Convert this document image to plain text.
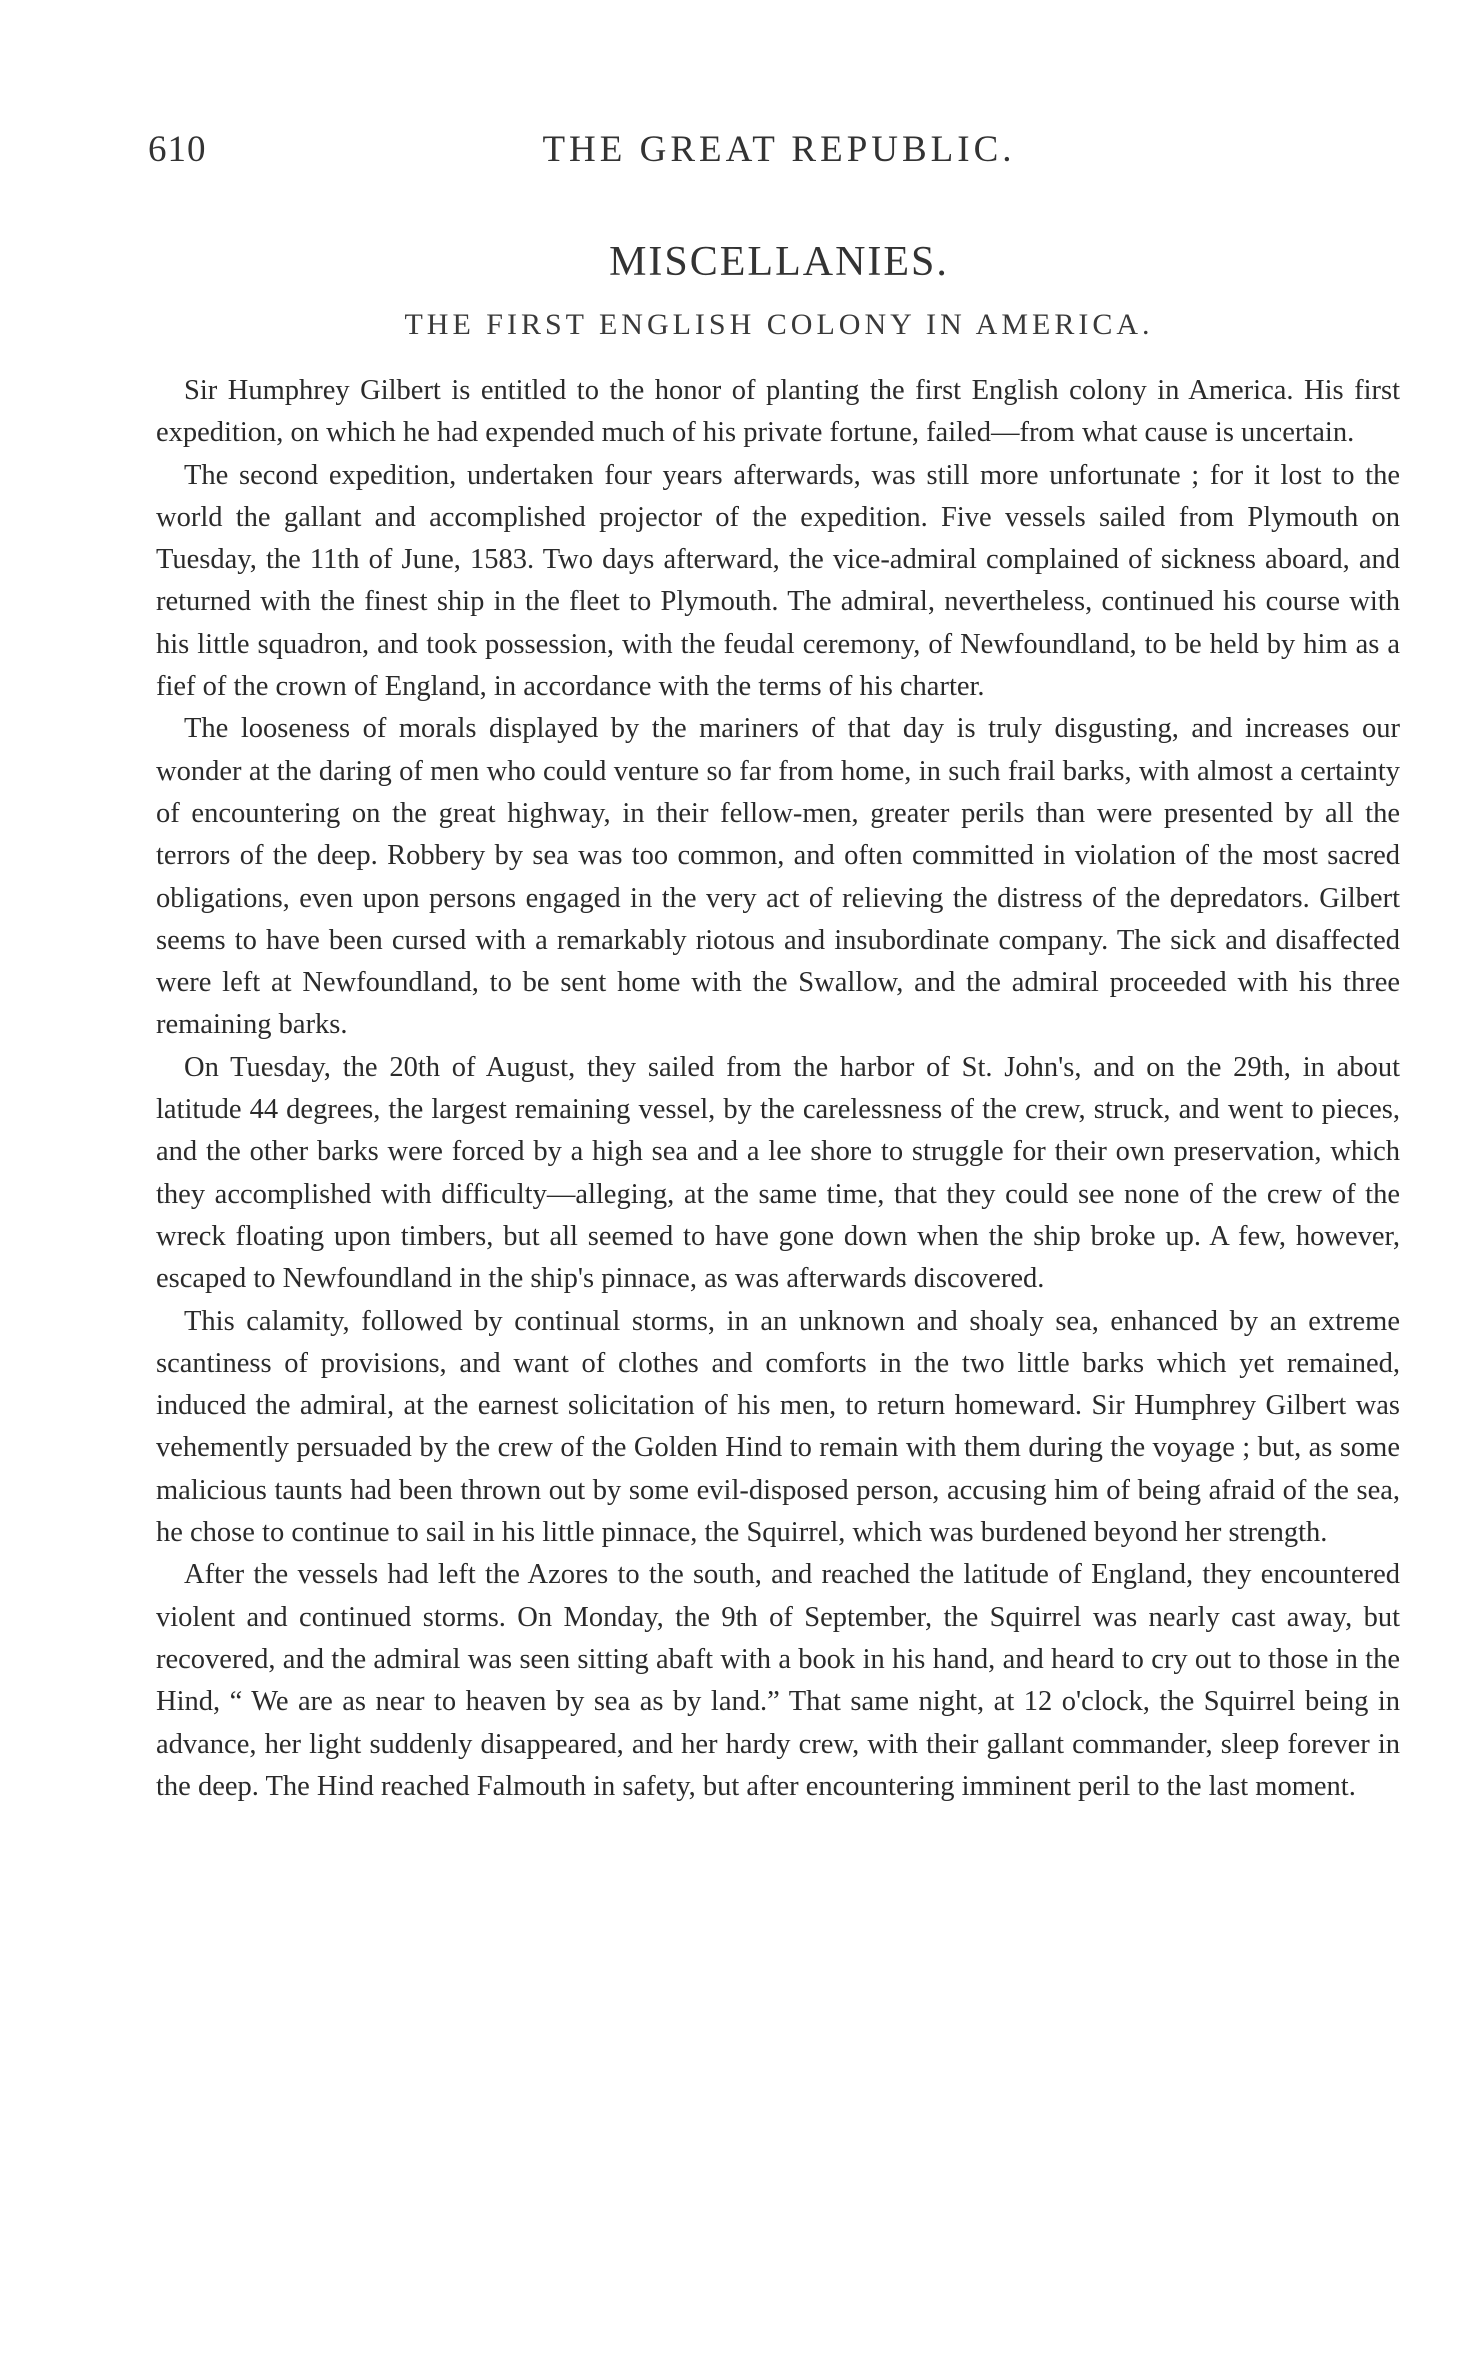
610	THE GREAT REPUBLIC.
MISCELLANIES.
THE FIRST ENGLISH COLONY IN AMERICA.

Sir Humphrey Gilbert is entitled to the honor of planting the first English colony in America. His first expedition, on which he had expended much of his private fortune, failed—from what cause is uncertain.

The second expedition, undertaken four years afterwards, was still more unfortunate ; for it lost to the world the gallant and accomplished projector of the expedition. Five vessels sailed from Plymouth on Tuesday, the 11th of June, 1583. Two days afterward, the vice-admiral complained of sickness aboard, and returned with the finest ship in the fleet to Plymouth. The admiral, nevertheless, continued his course with his little squadron, and took possession, with the feudal ceremony, of Newfoundland, to be held by him as a fief of the crown of England, in accordance with the terms of his charter.

The looseness of morals displayed by the mariners of that day is truly disgusting, and increases our wonder at the daring of men who could venture so far from home, in such frail barks, with almost a certainty of encountering on the great highway, in their fellow-men, greater perils than were presented by all the terrors of the deep. Robbery by sea was too common, and often committed in violation of the most sacred obligations, even upon persons engaged in the very act of relieving the distress of the depredators. Gilbert seems to have been cursed with a remarkably riotous and insubordinate company. The sick and disaffected were left at Newfoundland, to be sent home with the Swallow, and the admiral proceeded with his three remaining barks.

On Tuesday, the 20th of August, they sailed from the harbor of St. John's, and on the 29th, in about latitude 44 degrees, the largest remaining vessel, by the carelessness of the crew, struck, and went to pieces, and the other barks were forced by a high sea and a lee shore to struggle for their own preservation, which they accomplished with difficulty—alleging, at the same time, that they could see none of the crew of the wreck floating upon timbers, but all seemed to have gone down when the ship broke up. A few, however, escaped to Newfoundland in the ship's pinnace, as was afterwards discovered.

This calamity, followed by continual storms, in an unknown and shoaly sea, enhanced by an extreme scantiness of provisions, and want of clothes and comforts in the two little barks which yet remained, induced the admiral, at the earnest solicitation of his men, to return homeward. Sir Humphrey Gilbert was vehemently persuaded by the crew of the Golden Hind to remain with them during the voyage ; but, as some malicious taunts had been thrown out by some evil-disposed person, accusing him of being afraid of the sea, he chose to continue to sail in his little pinnace, the Squirrel, which was burdened beyond her strength.

After the vessels had left the Azores to the south, and reached the latitude of England, they encountered violent and continued storms. On Monday, the 9th of September, the Squirrel was nearly cast away, but recovered, and the admiral was seen sitting abaft with a book in his hand, and heard to cry out to those in the Hind, “ We are as near to heaven by sea as by land.” That same night, at 12 o'clock, the Squirrel being in advance, her light suddenly disappeared, and her hardy crew, with their gallant commander, sleep forever in the deep. The Hind reached Falmouth in safety, but after encountering imminent peril to the last moment.
